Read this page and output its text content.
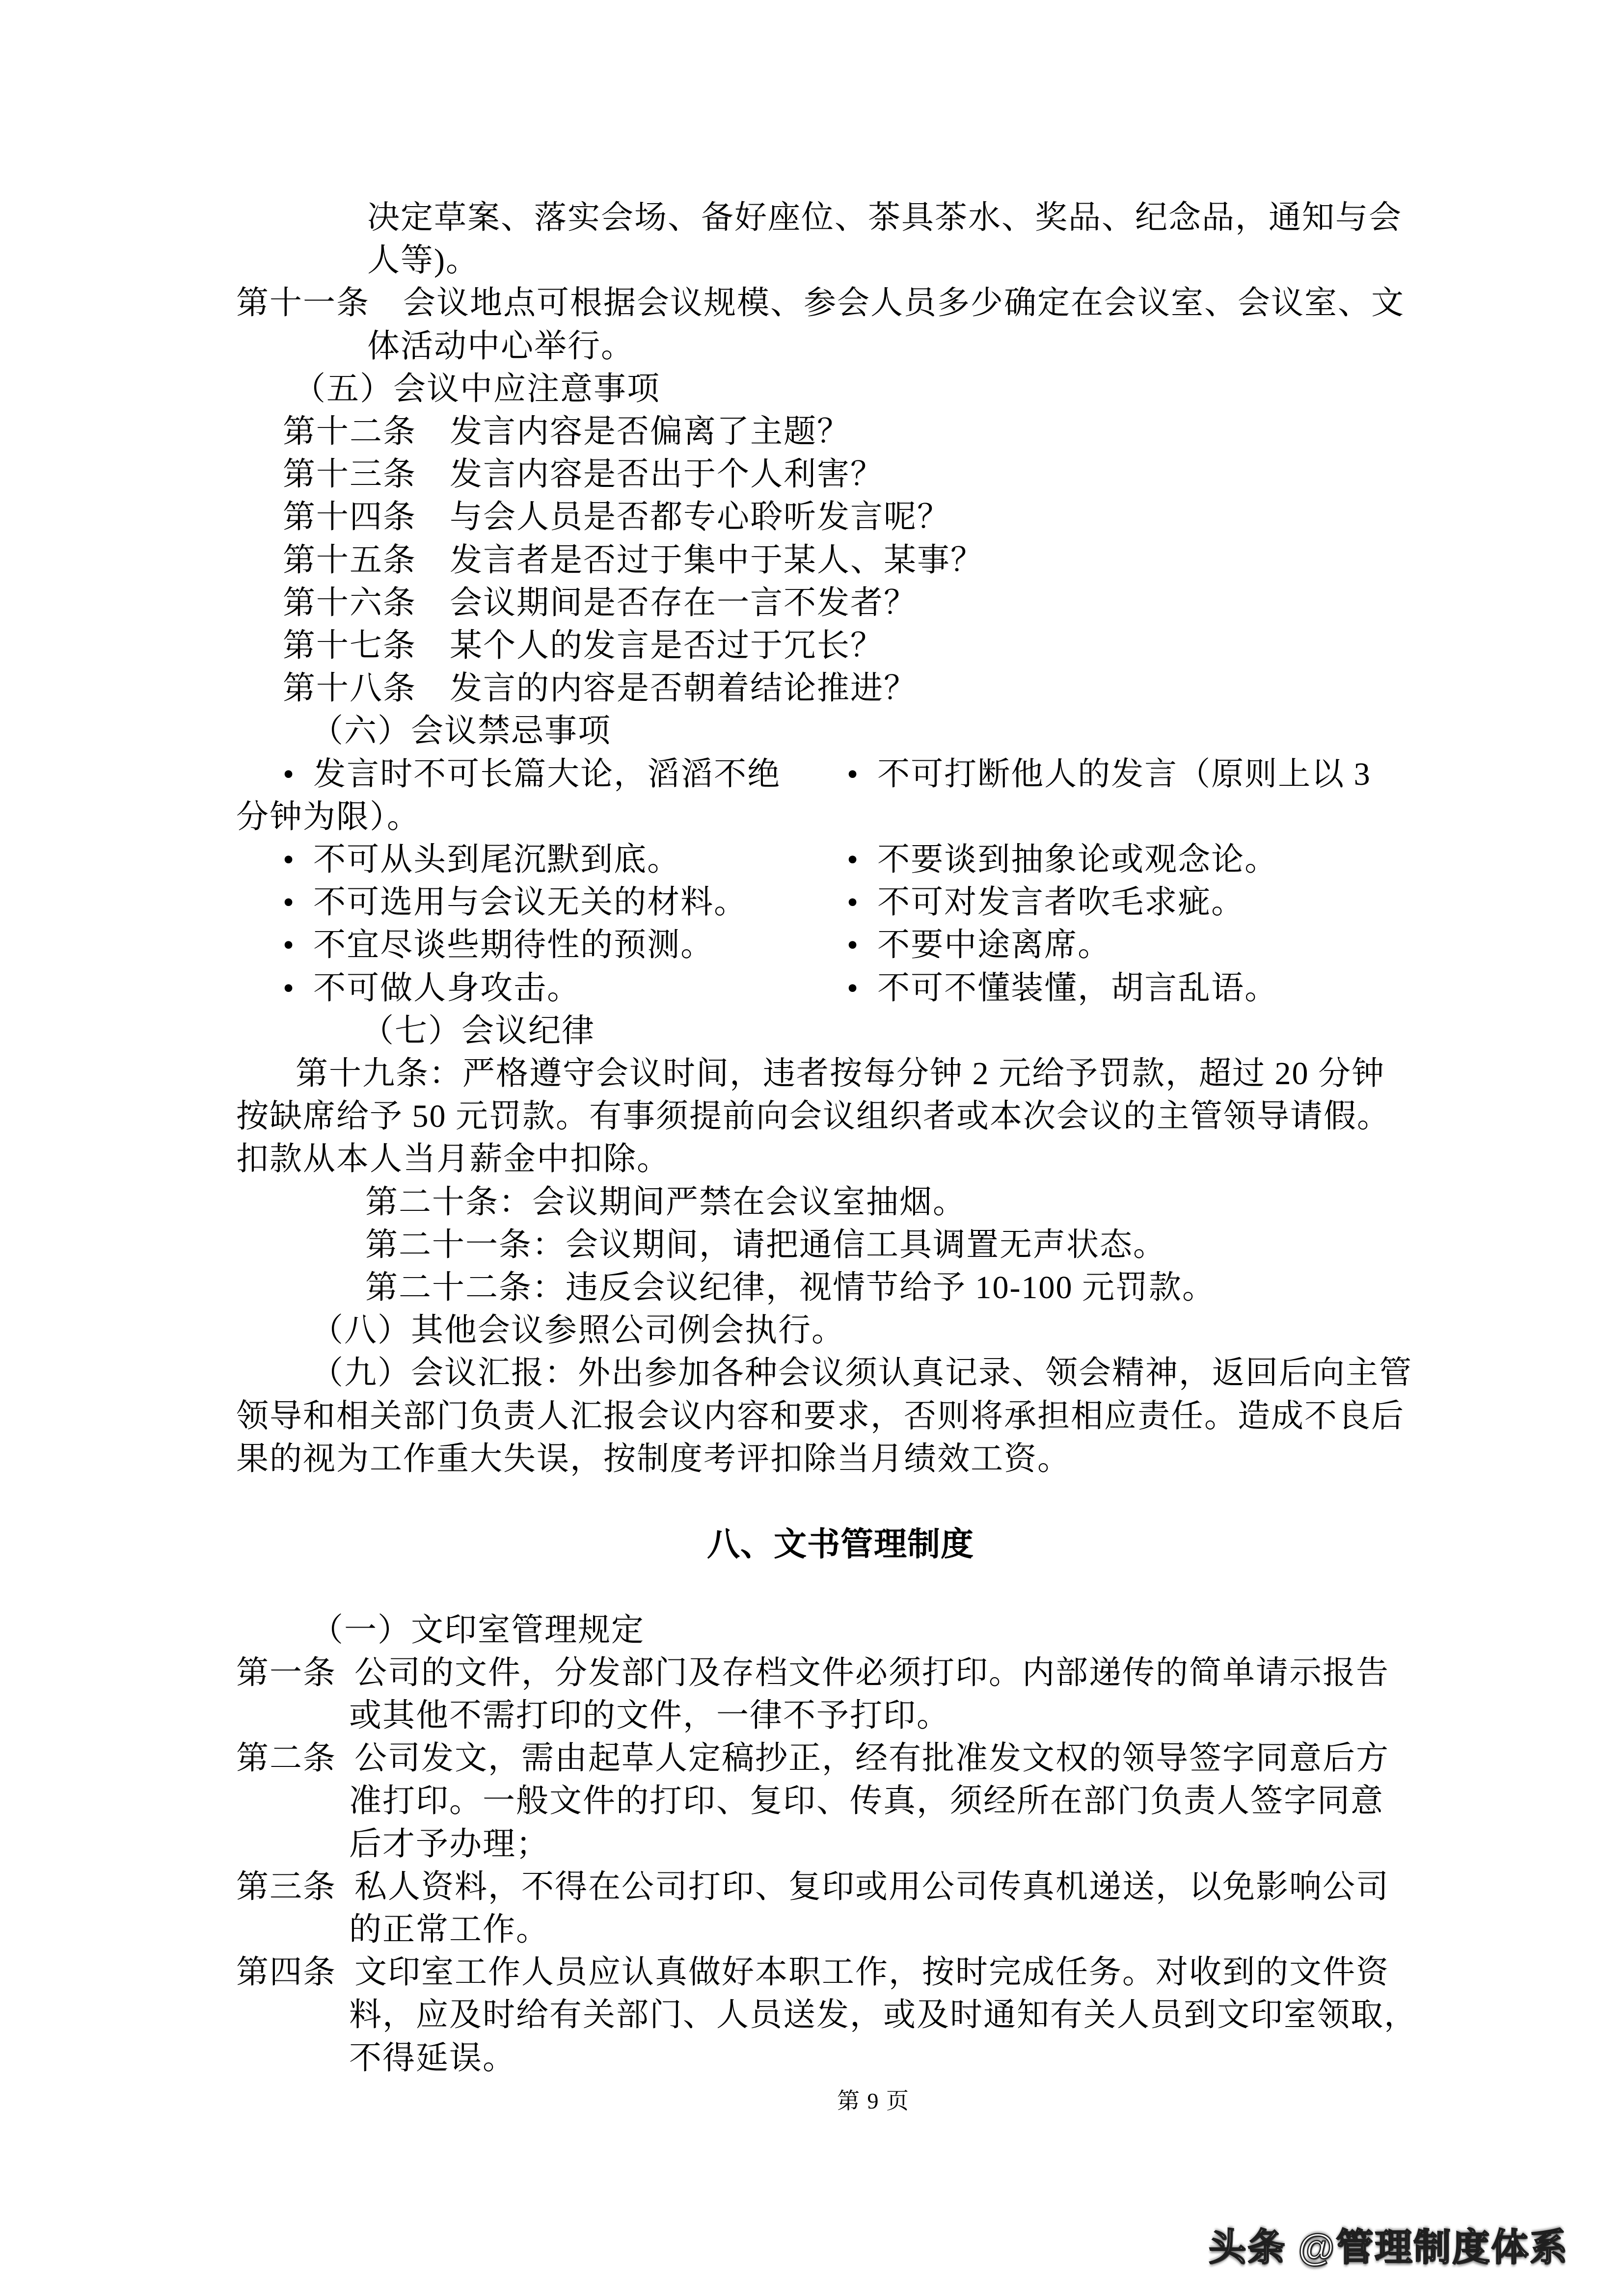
决定草案、落实会场、备好座位、茶具茶水、奖品、纪念品，通知与会
人等)。
第十一条　会议地点可根据会议规模、参会人员多少确定在会议室、会议室、文
体活动中心举行。
（五）会议中应注意事项
第十二条　发言内容是否偏离了主题？
第十三条　发言内容是否出于个人利害？
第十四条　与会人员是否都专心聆听发言呢？
第十五条　发言者是否过于集中于某人、某事？
第十六条　会议期间是否存在一言不发者？
第十七条　某个人的发言是否过于冗长？
第十八条　发言的内容是否朝着结论推进？
（六）会议禁忌事项
•  发言时不可长篇大论，滔滔不绝 •  不可打断他人的发言（原则上以 3
分钟为限）。
•  不可从头到尾沉默到底。	•  不要谈到抽象论或观念论。
•  不可选用与会议无关的材料。	•  不可对发言者吹毛求疵。
•  不宜尽谈些期待性的预测。	•  不要中途离席。
•  不可做人身攻击。	•  不可不懂装懂，胡言乱语。
（七）会议纪律
第十九条：严格遵守会议时间，违者按每分钟 2 元给予罚款，超过 20 分钟
按缺席给予 50 元罚款。有事须提前向会议组织者或本次会议的主管领导请假。
扣款从本人当月薪金中扣除。
第二十条：会议期间严禁在会议室抽烟。
第二十一条：会议期间，请把通信工具调置无声状态。
第二十二条：违反会议纪律，视情节给予 10-100 元罚款。
（八）其他会议参照公司例会执行。
（九）会议汇报：外出参加各种会议须认真记录、领会精神，返回后向主管
领导和相关部门负责人汇报会议内容和要求，否则将承担相应责任。造成不良后
果的视为工作重大失误，按制度考评扣除当月绩效工资。
（一）文印室管理规定
第一条  公司的文件，分发部门及存档文件必须打印。内部递传的简单请示报告
或其他不需打印的文件，一律不予打印。
第二条  公司发文，需由起草人定稿抄正，经有批准发文权的领导签字同意后方
准打印。一般文件的打印、复印、传真，须经所在部门负责人签字同意
后才予办理；
第三条  私人资料，不得在公司打印、复印或用公司传真机递送，以免影响公司
的正常工作。
第四条  文印室工作人员应认真做好本职工作，按时完成任务。对收到的文件资
料，应及时给有关部门、人员送发，或及时通知有关人员到文印室领取，
不得延误。
八、文书管理制度
第 9 页
头条 @管理制度体系
